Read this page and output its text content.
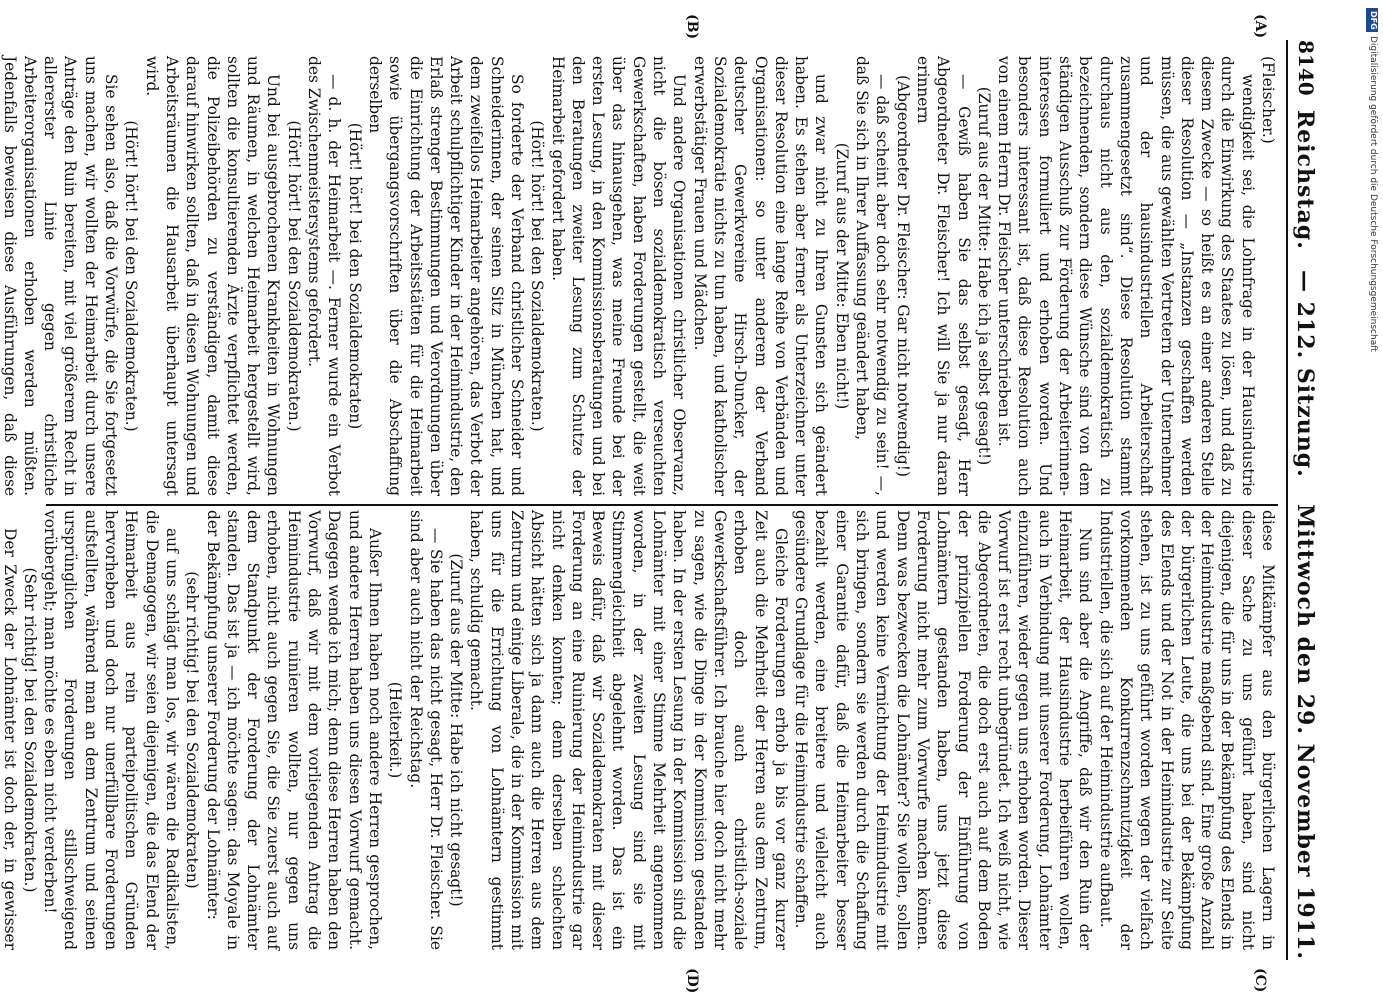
8140
Reichstag.
— 212. Sitzung.
Mittwoch den 29. November 1911.
(A)
(B)
(C)
(D)

(Fleischer.)

wendigkeit sei, die Lohnfrage in der Hausindustrie durch die Einwirkung des Staates zu lösen, und daß zu diesem Zwecke — so heißt es an einer anderen Stelle dieser Resolution — „Instanzen geschaffen werden müssen, die aus gewählten Vertretern der Unternehmer und der hausindustriellen Arbeiterschaft zusammengesetzt sind“. Diese Resolution stammt durchaus nicht aus den, sozialdemokratisch zu bezeichnenden, sondern diese Wünsche sind von dem ständigen Ausschuß zur Förderung der Arbeiterinnen-interessen formuliert und erhoben worden. Und besonders interessant ist, daß diese Resolution auch von einem Herrn Dr. Fleischer unterschrieben ist.

(Zuruf aus der Mitte: Habe ich ja selbst gesagt!)

— Gewiß haben Sie das selbst gesagt, Herr Abgeordneter Dr. Fleischer! Ich will Sie ja nur daran erinnern

(Abgeordneter Dr. Fleischer: Gar nicht notwendig!)

— daß scheint aber doch sehr notwendig zu sein! —, daß Sie sich in Ihrer Auffassung geändert haben,

(Zuruf aus der Mitte: Eben nicht!)

und zwar nicht zu Ihren Gunsten sich geändert haben. Es stehen aber ferner als Unterzeichner unter dieser Resolution eine lange Reihe von Verbänden und Organisationen: so unter anderem der Verband deutscher Gewerkvereine Hirsch-Duncker, der Sozialdemokratie nichts zu tun haben, und katholischer erwerbstätiger Frauen und Mädchen.

Und andere Organisationen christlicher Observanz, nicht die bösen sozialdemokratisch verseuchten Gewerkschaften, haben Forderungen gestellt, die weit über das hinausgehen, was meine Freunde bei der ersten Lesung, in den Kommissionsberatungen und bei den Beratungen zweiter Lesung zum Schutze der Heimarbeit gefordert haben.

(Hört! hört! bei den Sozialdemokraten.)

So forderte der Verband christlicher Schneider und Schneiderinnen, der seinen Sitz in München hat, und dem zweifellos Heimarbeiter angehören, das Verbot der Arbeit schulpflichtiger Kinder in der Heimindustrie, den Erlaß strenger Bestimmungen und Verordnungen über die Einrichtung der Arbeitsstätten für die Heimarbeit sowie übergangsvorschriften über die Abschaffung derselben

(Hört! hört! bei den Sozialdemokraten)

— d. h. der Heimarbeit —. Ferner wurde ein Verbot des Zwischenmeistersystems gefordert.

(Hört! hört! bei den Sozialdemokraten.)

Und bei ausgebrochenen Krankheiten in Wohnungen und Räumen, in welchen Heimarbeit hergestellt wird, sollten die konsultierenden Ärzte verpflichtet werden, die Polizeibehörden zu verständigen, damit diese darauf hinwirken sollten, daß in diesen Wohnungen und Arbeitsräumen die Hausarbeit überhaupt untersagt wird.

(Hört! hört! bei den Sozialdemokraten.)

Sie sehen also, daß die Vorwürfe, die Sie fortgesetzt uns machen, wir wollten der Heimarbeit durch unsere Anträge den Ruin bereiten, mit viel größerem Recht in allererster Linie gegen christliche Arbeiterorganisationen erhoben werden müßten. Jedenfalls beweisen diese Ausführungen, daß diese

diese Mitkämpfer aus den bürgerlichen Lagern in dieser Sache zu uns geführt haben, sind nicht diejenigen, die für uns in der Bekämpfung des Elends in der Heimindustrie maßgebend sind. Eine große Anzahl der bürgerlichen Leute, die uns bei der Bekämpfung des Elends und der Not in der Heimindustrie zur Seite stehen, ist zu uns geführt worden wegen der vielfach vorkommenden Konkurrenzschmutzigkeit der Industriellen, die sich auf der Heimindustrie aufbaut.

Nun sind aber die Angriffe, daß wir den Ruin der Heimarbeit, der Hausindustrie herbeiführen wollen, auch in Verbindung mit unserer Forderung, Lohnämter einzuführen, wieder gegen uns erhoben worden. Dieser Vorwurf ist erst recht unbegründet. Ich weiß nicht, wie die Abgeordneten, die doch erst auch auf dem Boden der prinzipiellen Forderung der Einführung von Lohnämtern gestanden haben, uns jetzt diese Forderung nicht mehr zum Vorwurfe machen können. Denn was bezwecken die Lohnämter? Sie wollen, sollen und werden keine Vernichtung der Heimindustrie mit sich bringen, sondern sie werden durch die Schaffung einer Garantie dafür, daß die Heimarbeiter besser bezahlt werden, eine breitere und vielleicht auch gesündere Grundlage für die Heimindustrie schaffen.

Gleiche Forderungen erhob ja bis vor ganz kurzer Zeit auch die Mehrheit der Herren aus dem Zentrum, erhoben doch auch christlich-soziale Gewerkschaftsführer. Ich brauche hier doch nicht mehr zu sagen, wie die Dinge in der Kommission gestanden haben. In der ersten Lesung in der Kommission sind die Lohnämter mit einer Stimme Mehrheit angenommen worden, in der zweiten Lesung sind sie mit Stimmengleichheit abgelehnt worden. Das ist ein Beweis dafür, daß wir Sozialdemokraten mit dieser Forderung an eine Ruinierung der Heimindustrie gar nicht denken konnten; denn derselben schlechten Absicht hätten sich ja dann auch die Herren aus dem Zentrum und einige Liberale, die in der Kommission mit uns für die Errichtung von Lohnämtern gestimmt haben, schuldig gemacht.

(Zuruf aus der Mitte: Habe ich nicht gesagt!)

— Sie haben das nicht gesagt, Herr Dr. Fleischer. Sie sind aber auch nicht der Reichstag.

(Heiterkeit.)

Außer Ihnen haben noch andere Herren gesprochen, und andere Herren haben uns diesen Vorwurf gemacht. Dagegen wende ich mich; denn diese Herren haben den Vorwurf, daß wir mit dem vorliegenden Antrag die Heimindustrie ruinieren wollten, nur gegen uns erhoben, nicht auch gegen Sie, die Sie zuerst auch auf dem Standpunkt der Forderung der Lohnämter standen. Das ist ja — ich möchte sagen: das Moyale in der Bekämpfung unserer Forderung der Lohnämter:

(sehr richtig! bei den Sozialdemokraten)

auf uns schlägt man los, wir wären die Radikalisten, die Demagogen, wir seien diejenigen, die das Elend der Heimarbeit aus rein parteipolitischen Gründen hervorheben und doch nur unerfüllbare Forderungen aufstellten, während man an dem Zentrum und seinen ursprünglichen Forderungen stillschweigend vorübergeht; man möchte es eben nicht verderben!

(Sehr richtig! bei den Sozialdemokraten.)

Der Zweck der Lohnämter ist doch der, in gewisser

DFG
Digitalisierung gefördert durch die Deutsche Forschungsgemeinschaft
